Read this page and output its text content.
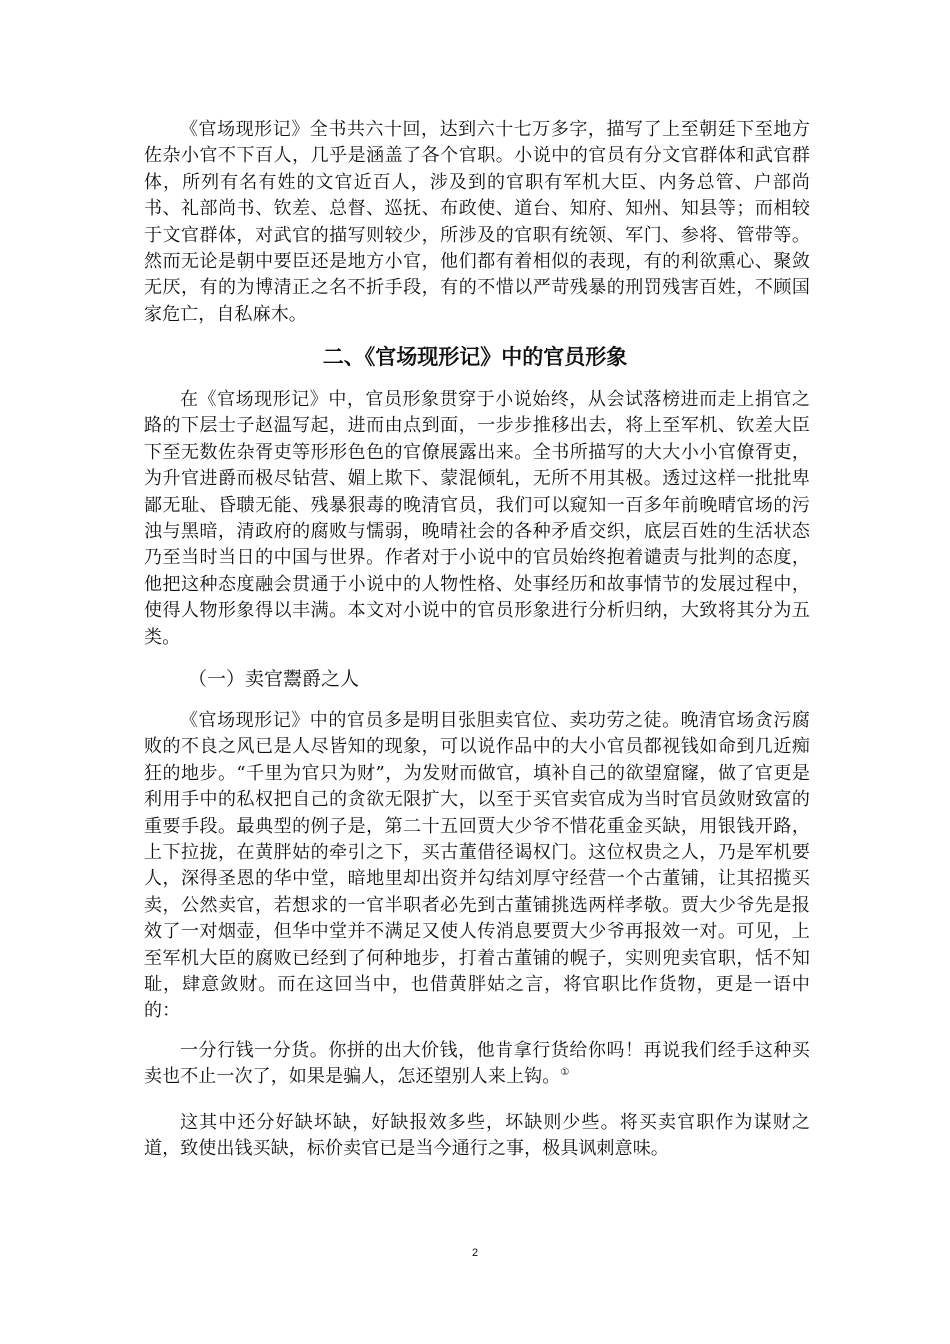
《官场现形记》全书共六十回，达到六十七万多字，描写了上至朝廷下至地方佐杂小官不下百人，几乎是涵盖了各个官职。小说中的官员有分文官群体和武官群体，所列有名有姓的文官近百人，涉及到的官职有军机大臣、内务总管、户部尚书、礼部尚书、钦差、总督、巡抚、布政使、道台、知府、知州、知县等；而相较于文官群体，对武官的描写则较少，所涉及的官职有统领、军门、参将、管带等。然而无论是朝中要臣还是地方小官，他们都有着相似的表现，有的利欲熏心、聚敛无厌，有的为博清正之名不折手段，有的不惜以严苛残暴的刑罚残害百姓，不顾国家危亡，自私麻木。

二、《官场现形记》中的官员形象

在《官场现形记》中，官员形象贯穿于小说始终，从会试落榜进而走上捐官之路的下层士子赵温写起，进而由点到面，一步步推移出去，将上至军机、钦差大臣下至无数佐杂胥吏等形形色色的官僚展露出来。全书所描写的大大小小官僚胥吏，为升官进爵而极尽钻营、媚上欺下、蒙混倾轧，无所不用其极。透过这样一批批卑鄙无耻、昏聩无能、残暴狠毒的晚清官员，我们可以窥知一百多年前晚晴官场的污浊与黑暗，清政府的腐败与懦弱，晚晴社会的各种矛盾交织，底层百姓的生活状态乃至当时当日的中国与世界。作者对于小说中的官员始终抱着谴责与批判的态度，他把这种态度融会贯通于小说中的人物性格、处事经历和故事情节的发展过程中，使得人物形象得以丰满。本文对小说中的官员形象进行分析归纳，大致将其分为五类。

（一）卖官鬻爵之人

《官场现形记》中的官员多是明目张胆卖官位、卖功劳之徒。晚清官场贪污腐败的不良之风已是人尽皆知的现象，可以说作品中的大小官员都视钱如命到几近痴狂的地步。“千里为官只为财”，为发财而做官，填补自己的欲望窟窿，做了官更是利用手中的私权把自己的贪欲无限扩大，以至于买官卖官成为当时官员敛财致富的重要手段。最典型的例子是，第二十五回贾大少爷不惜花重金买缺，用银钱开路，上下拉拢，在黄胖姑的牵引之下，买古董借径谒权门。这位权贵之人，乃是军机要人，深得圣恩的华中堂，暗地里却出资并勾结刘厚守经营一个古董铺，让其招揽买卖，公然卖官，若想求的一官半职者必先到古董铺挑选两样孝敬。贾大少爷先是报效了一对烟壶，但华中堂并不满足又使人传消息要贾大少爷再报效一对。可见，上至军机大臣的腐败已经到了何种地步，打着古董铺的幌子，实则兜卖官职，恬不知耻，肆意敛财。而在这回当中，也借黄胖姑之言，将官职比作货物，更是一语中的：

一分行钱一分货。你拼的出大价钱，他肯拿行货给你吗！再说我们经手这种买卖也不止一次了，如果是骗人，怎还望别人来上钩。①

这其中还分好缺坏缺，好缺报效多些，坏缺则少些。将买卖官职作为谋财之道，致使出钱买缺，标价卖官已是当今通行之事，极具讽刺意味。

2
